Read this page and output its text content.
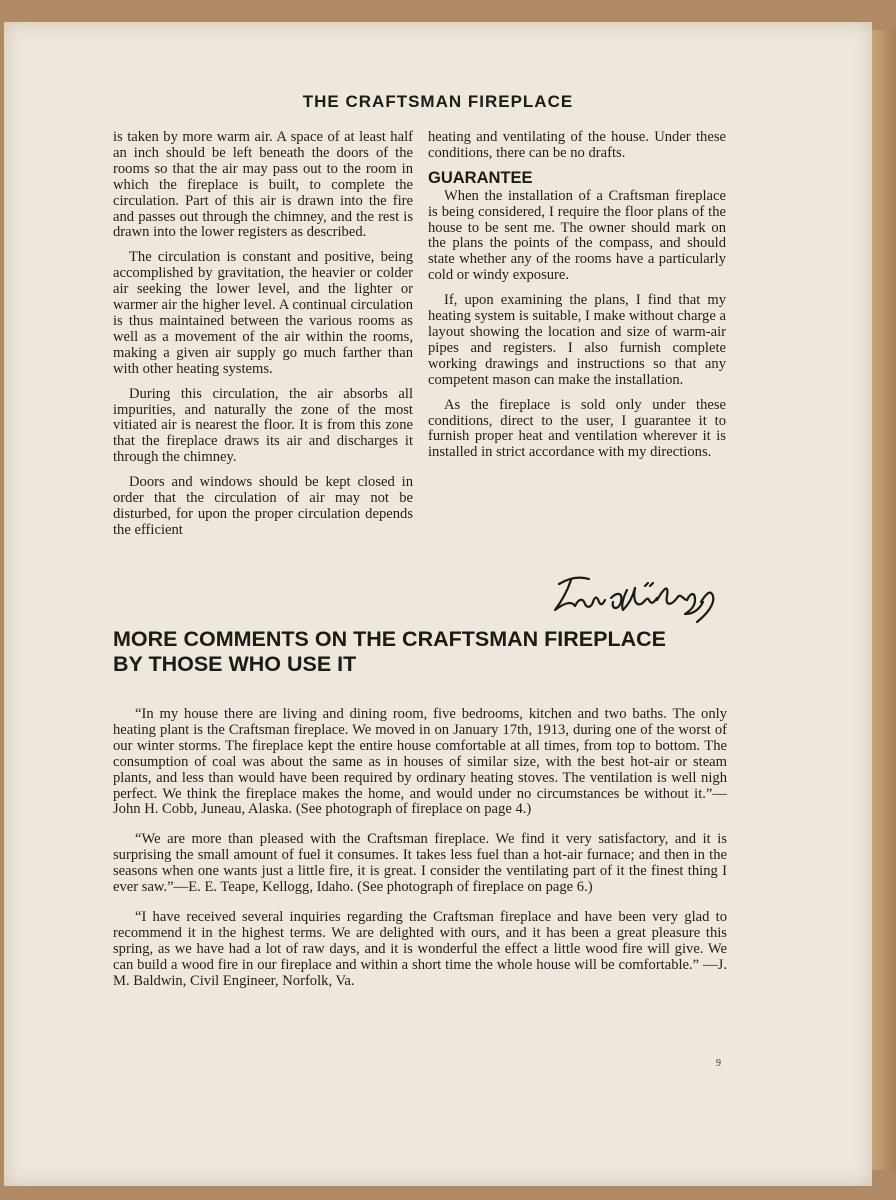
THE CRAFTSMAN FIREPLACE

is taken by more warm air. A space of at least half an inch should be left beneath the doors of the rooms so that the air may pass out to the room in which the fireplace is built, to complete the circulation. Part of this air is drawn into the fire and passes out through the chimney, and the rest is drawn into the lower registers as described.

The circulation is constant and positive, being accomplished by gravitation, the heavier or colder air seeking the lower level, and the lighter or warmer air the higher level. A continual circulation is thus maintained between the various rooms as well as a movement of the air within the rooms, making a given air supply go much farther than with other heating systems.

During this circulation, the air absorbs all impurities, and naturally the zone of the most vitiated air is nearest the floor. It is from this zone that the fireplace draws its air and discharges it through the chimney.

Doors and windows should be kept closed in order that the circulation of air may not be disturbed, for upon the proper circulation depends the efficient

heating and ventilating of the house. Under these conditions, there can be no drafts.

GUARANTEE

When the installation of a Craftsman fireplace is being considered, I require the floor plans of the house to be sent me. The owner should mark on the plans the points of the compass, and should state whether any of the rooms have a particularly cold or windy exposure.

If, upon examining the plans, I find that my heating system is suitable, I make without charge a layout showing the location and size of warm-air pipes and registers. I also furnish complete working drawings and instructions so that any competent mason can make the installation.

As the fireplace is sold only under these conditions, direct to the user, I guarantee it to furnish proper heat and ventilation wherever it is installed in strict accordance with my directions.

MORE COMMENTS ON THE CRAFTSMAN FIREPLACE
BY THOSE WHO USE IT

“In my house there are living and dining room, five bedrooms, kitchen and two baths. The only heating plant is the Craftsman fireplace. We moved in on January 17th, 1913, during one of the worst of our winter storms. The fireplace kept the entire house comfortable at all times, from top to bottom. The consumption of coal was about the same as in houses of similar size, with the best hot-air or steam plants, and less than would have been required by ordinary heating stoves. The ventilation is well nigh perfect. We think the fireplace makes the home, and would under no circumstances be without it.”—John H. Cobb, Juneau, Alaska. (See photograph of fireplace on page 4.)

“We are more than pleased with the Craftsman fireplace. We find it very satisfactory, and it is surprising the small amount of fuel it consumes. It takes less fuel than a hot-air furnace; and then in the seasons when one wants just a little fire, it is great. I consider the ventilating part of it the finest thing I ever saw.”—E. E. Teape, Kellogg, Idaho. (See photograph of fireplace on page 6.)

“I have received several inquiries regarding the Craftsman fireplace and have been very glad to recommend it in the highest terms. We are delighted with ours, and it has been a great pleasure this spring, as we have had a lot of raw days, and it is wonderful the effect a little wood fire will give. We can build a wood fire in our fireplace and within a short time the whole house will be comfortable.” —J. M. Baldwin, Civil Engineer, Norfolk, Va.

9
